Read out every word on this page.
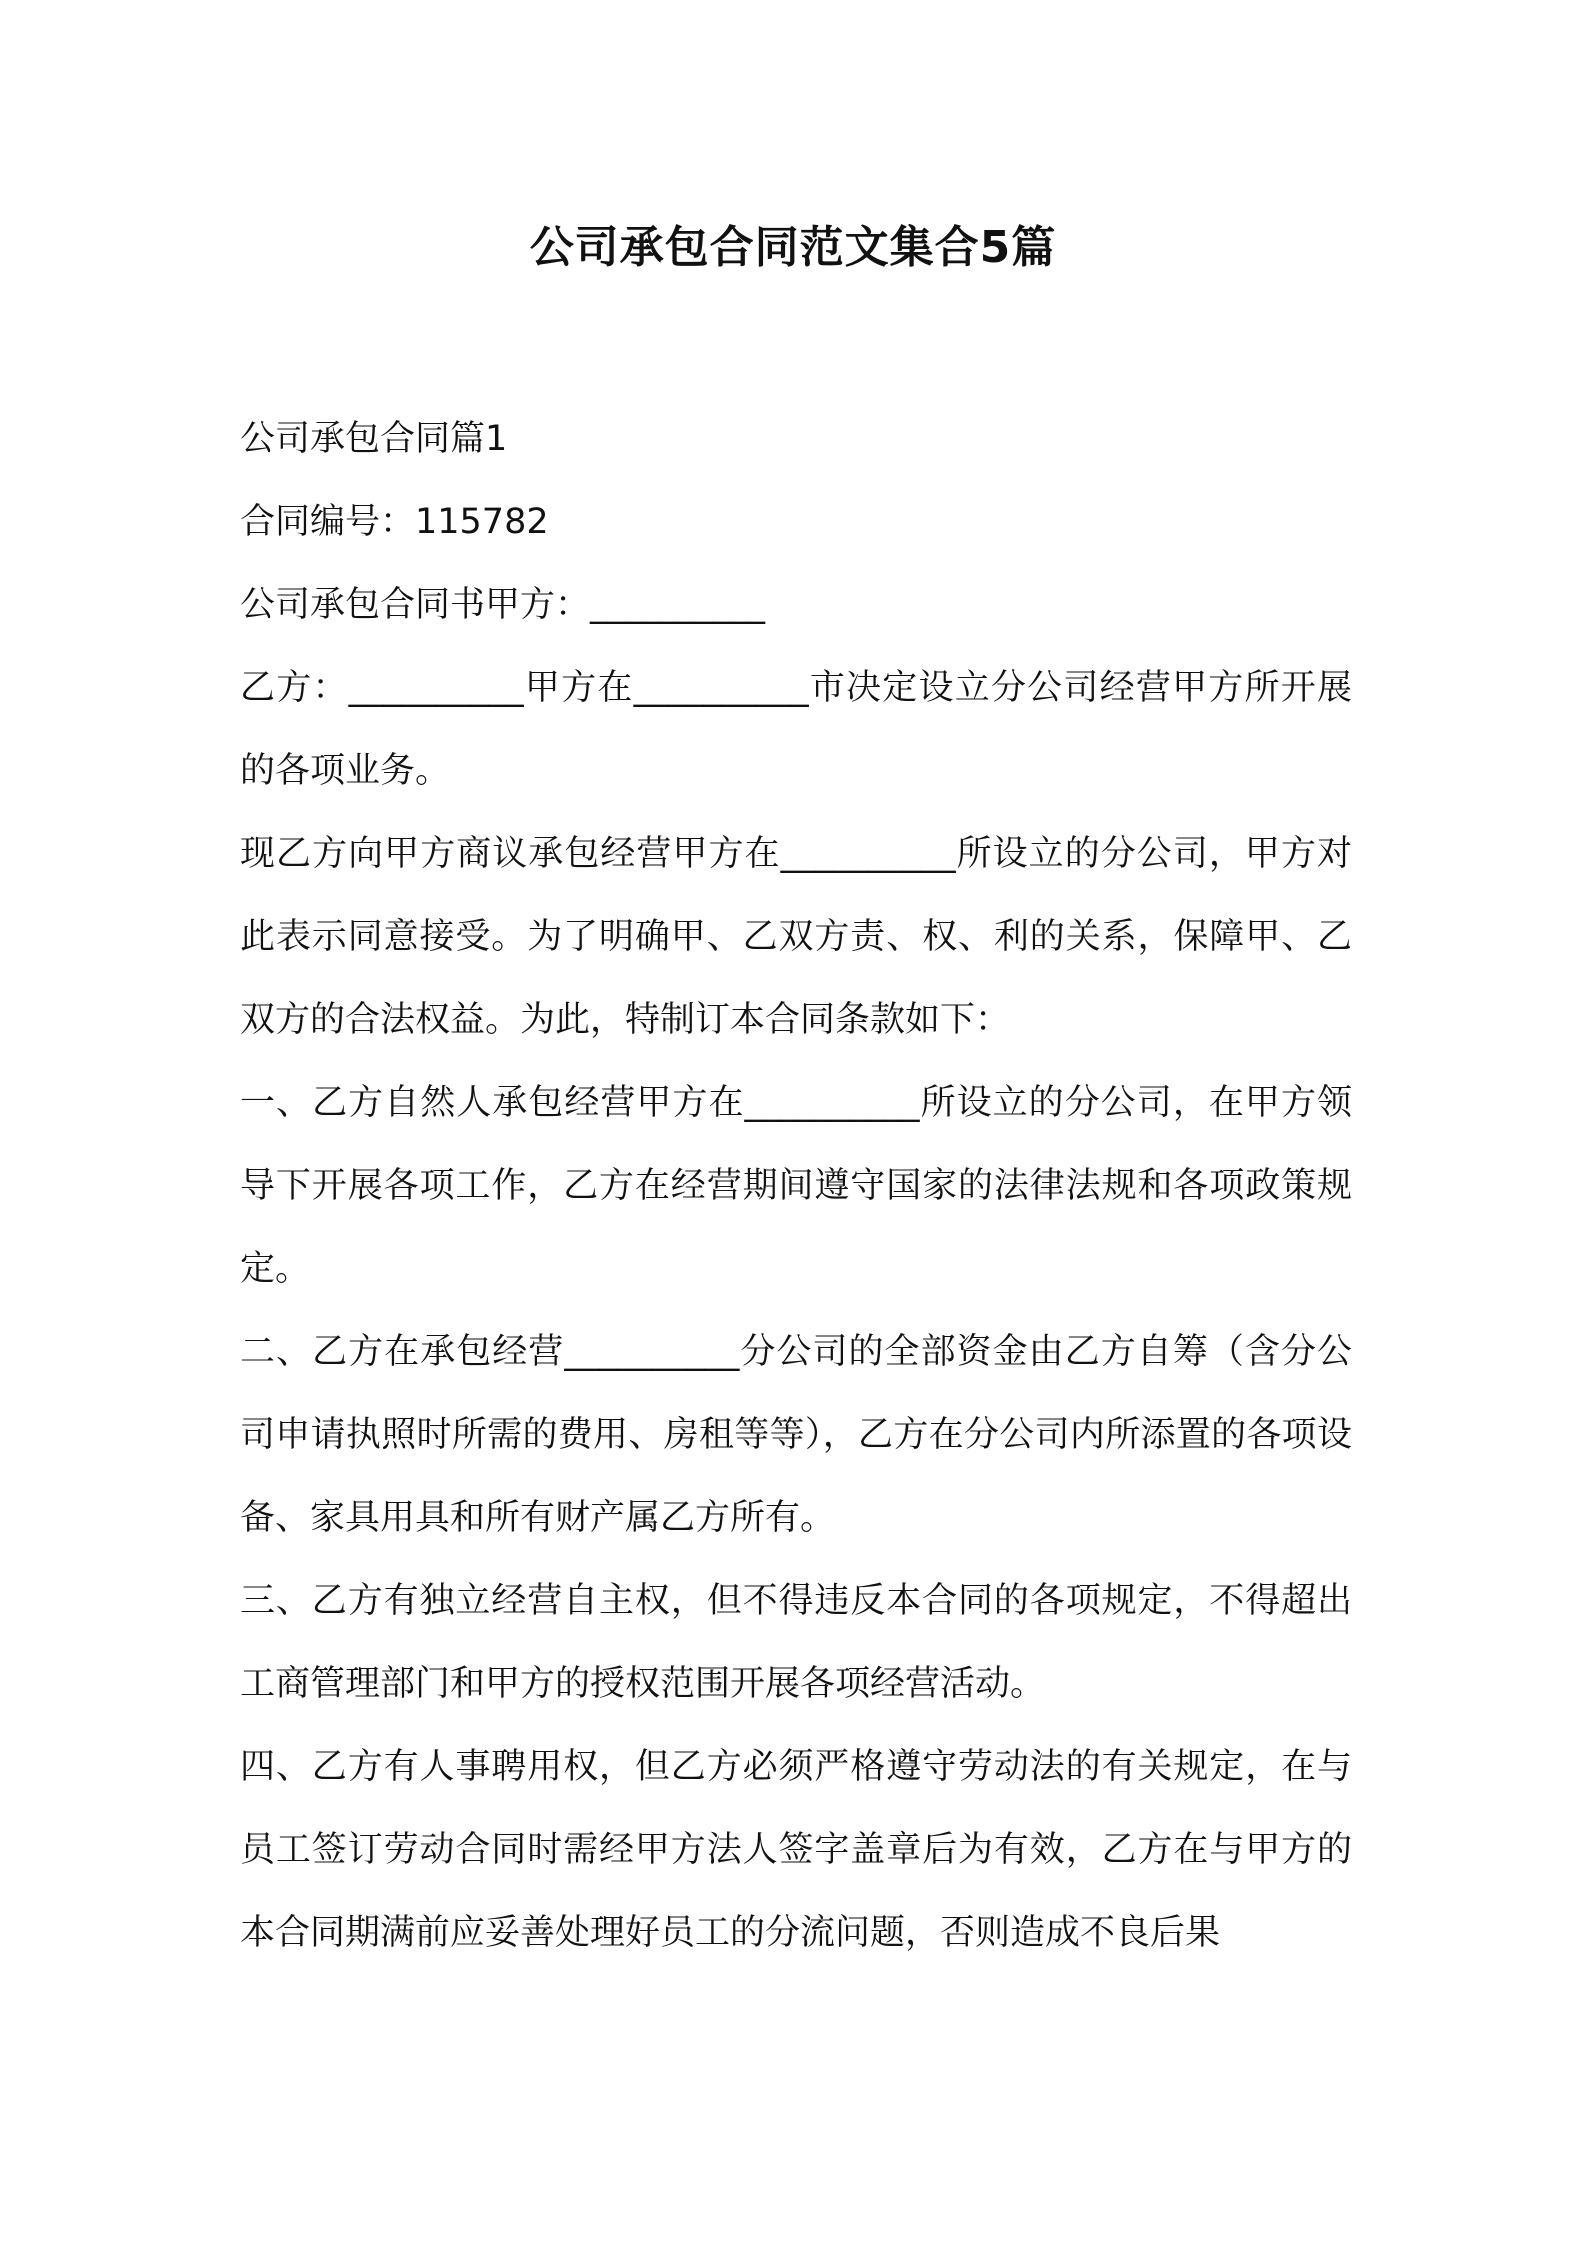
公司承包合同范文集合5篇

公司承包合同篇1

合同编号：115782

公司承包合同书甲方：__________

乙方：__________甲方在__________市决定设立分公司经营甲方所开展的各项业务。

现乙方向甲方商议承包经营甲方在__________所设立的分公司，甲方对此表示同意接受。为了明确甲、乙双方责、权、利的关系，保障甲、乙双方的合法权益。为此，特制订本合同条款如下：

一、乙方自然人承包经营甲方在__________所设立的分公司，在甲方领导下开展各项工作，乙方在经营期间遵守国家的法律法规和各项政策规定。

二、乙方在承包经营__________分公司的全部资金由乙方自筹（含分公司申请执照时所需的费用、房租等等），乙方在分公司内所添置的各项设备、家具用具和所有财产属乙方所有。

三、乙方有独立经营自主权，但不得违反本合同的各项规定，不得超出工商管理部门和甲方的授权范围开展各项经营活动。

四、乙方有人事聘用权，但乙方必须严格遵守劳动法的有关规定，在与员工签订劳动合同时需经甲方法人签字盖章后为有效，乙方在与甲方的本合同期满前应妥善处理好员工的分流问题，否则造成不良后果
